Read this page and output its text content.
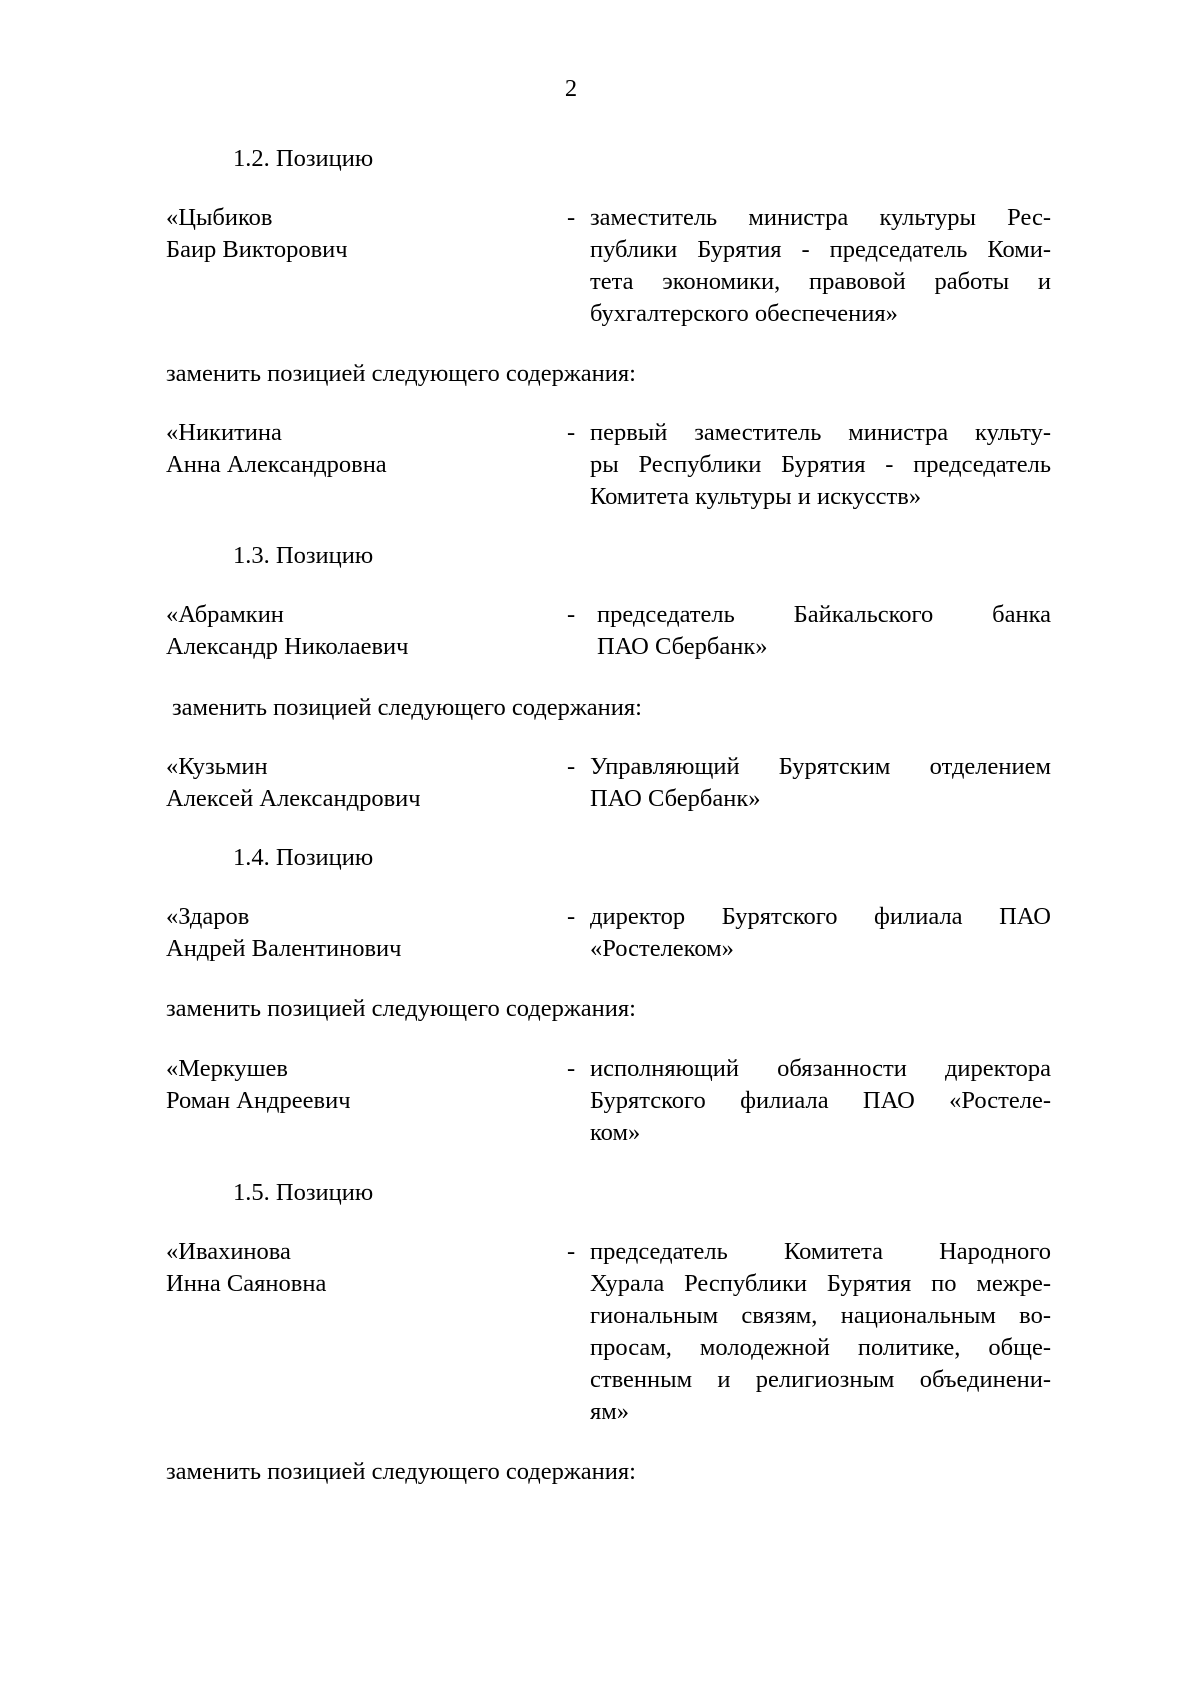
2
1.2. Позицию
«Цыбиков
Баир Викторович
- заместитель министра культуры Рес-
публики Бурятия - председатель Коми-
тета экономики, правовой работы и
бухгалтерского обеспечения»
заменить позицией следующего содержания:
«Никитина
Анна Александровна
- первый заместитель министра культу-
ры Республики Бурятия - председатель
Комитета культуры и искусств»
1.3. Позицию
«Абрамкин
Александр Николаевич
- председатель Байкальского банка
ПАО Сбербанк»
заменить позицией следующего содержания:
«Кузьмин
Алексей Александрович
- Управляющий Бурятским отделением
ПАО Сбербанк»
1.4. Позицию
«Здаров
Андрей Валентинович
- директор Бурятского филиала ПАО
«Ростелеком»
заменить позицией следующего содержания:
«Меркушев
Роман Андреевич
- исполняющий обязанности директора
Бурятского филиала ПАО «Ростеле-
ком»
1.5. Позицию
«Ивахинова
Инна Саяновна
- председатель Комитета Народного
Хурала Республики Бурятия по межре-
гиональным связям, национальным во-
просам, молодежной политике, обще-
ственным и религиозным объединени-
ям»
заменить позицией следующего содержания:
